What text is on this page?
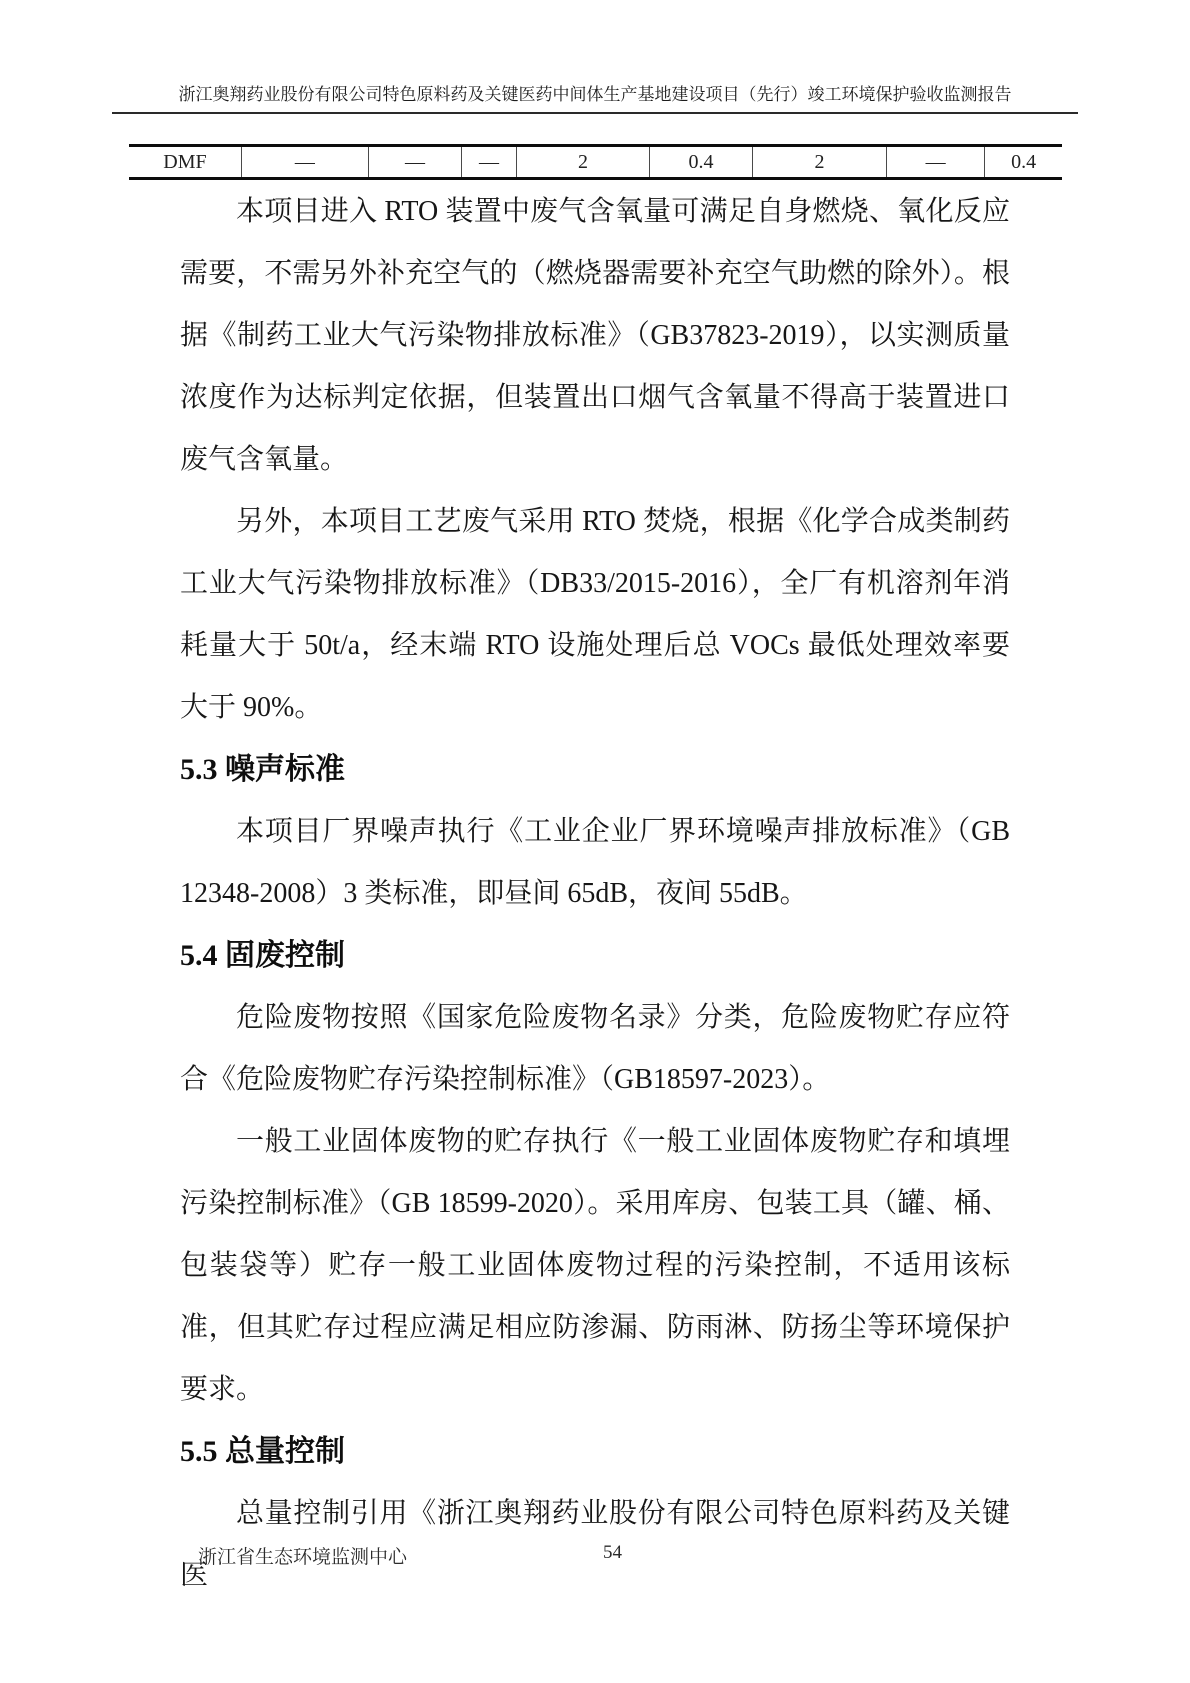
浙江奥翔药业股份有限公司特色原料药及关键医药中间体生产基地建设项目（先行）竣工环境保护验收监测报告
DMF	—	—	—	2	0.4	2	—	0.4

本项目进入 RTO 装置中废气含氧量可满足自身燃烧、氧化反应需要，不需另外补充空气的（燃烧器需要补充空气助燃的除外）。根据《制药工业大气污染物排放标准》（GB37823-2019），以实测质量浓度作为达标判定依据，但装置出口烟气含氧量不得高于装置进口废气含氧量。

另外，本项目工艺废气采用 RTO 焚烧，根据《化学合成类制药工业大气污染物排放标准》（DB33/2015-2016），全厂有机溶剂年消耗量大于 50t/a，经末端 RTO 设施处理后总 VOCs 最低处理效率要大于 90%。

5.3 噪声标准

本项目厂界噪声执行《工业企业厂界环境噪声排放标准》（GB 12348-2008）3 类标准，即昼间 65dB，夜间 55dB。

5.4 固废控制

危险废物按照《国家危险废物名录》分类，危险废物贮存应符合《危险废物贮存污染控制标准》（GB18597-2023）。

一般工业固体废物的贮存执行《一般工业固体废物贮存和填埋污染控制标准》（GB 18599-2020）。采用库房、包装工具（罐、桶、包装袋等）贮存一般工业固体废物过程的污染控制，不适用该标准，但其贮存过程应满足相应防渗漏、防雨淋、防扬尘等环境保护要求。

5.5 总量控制

总量控制引用《浙江奥翔药业股份有限公司特色原料药及关键医

浙江省生态环境监测中心	54
